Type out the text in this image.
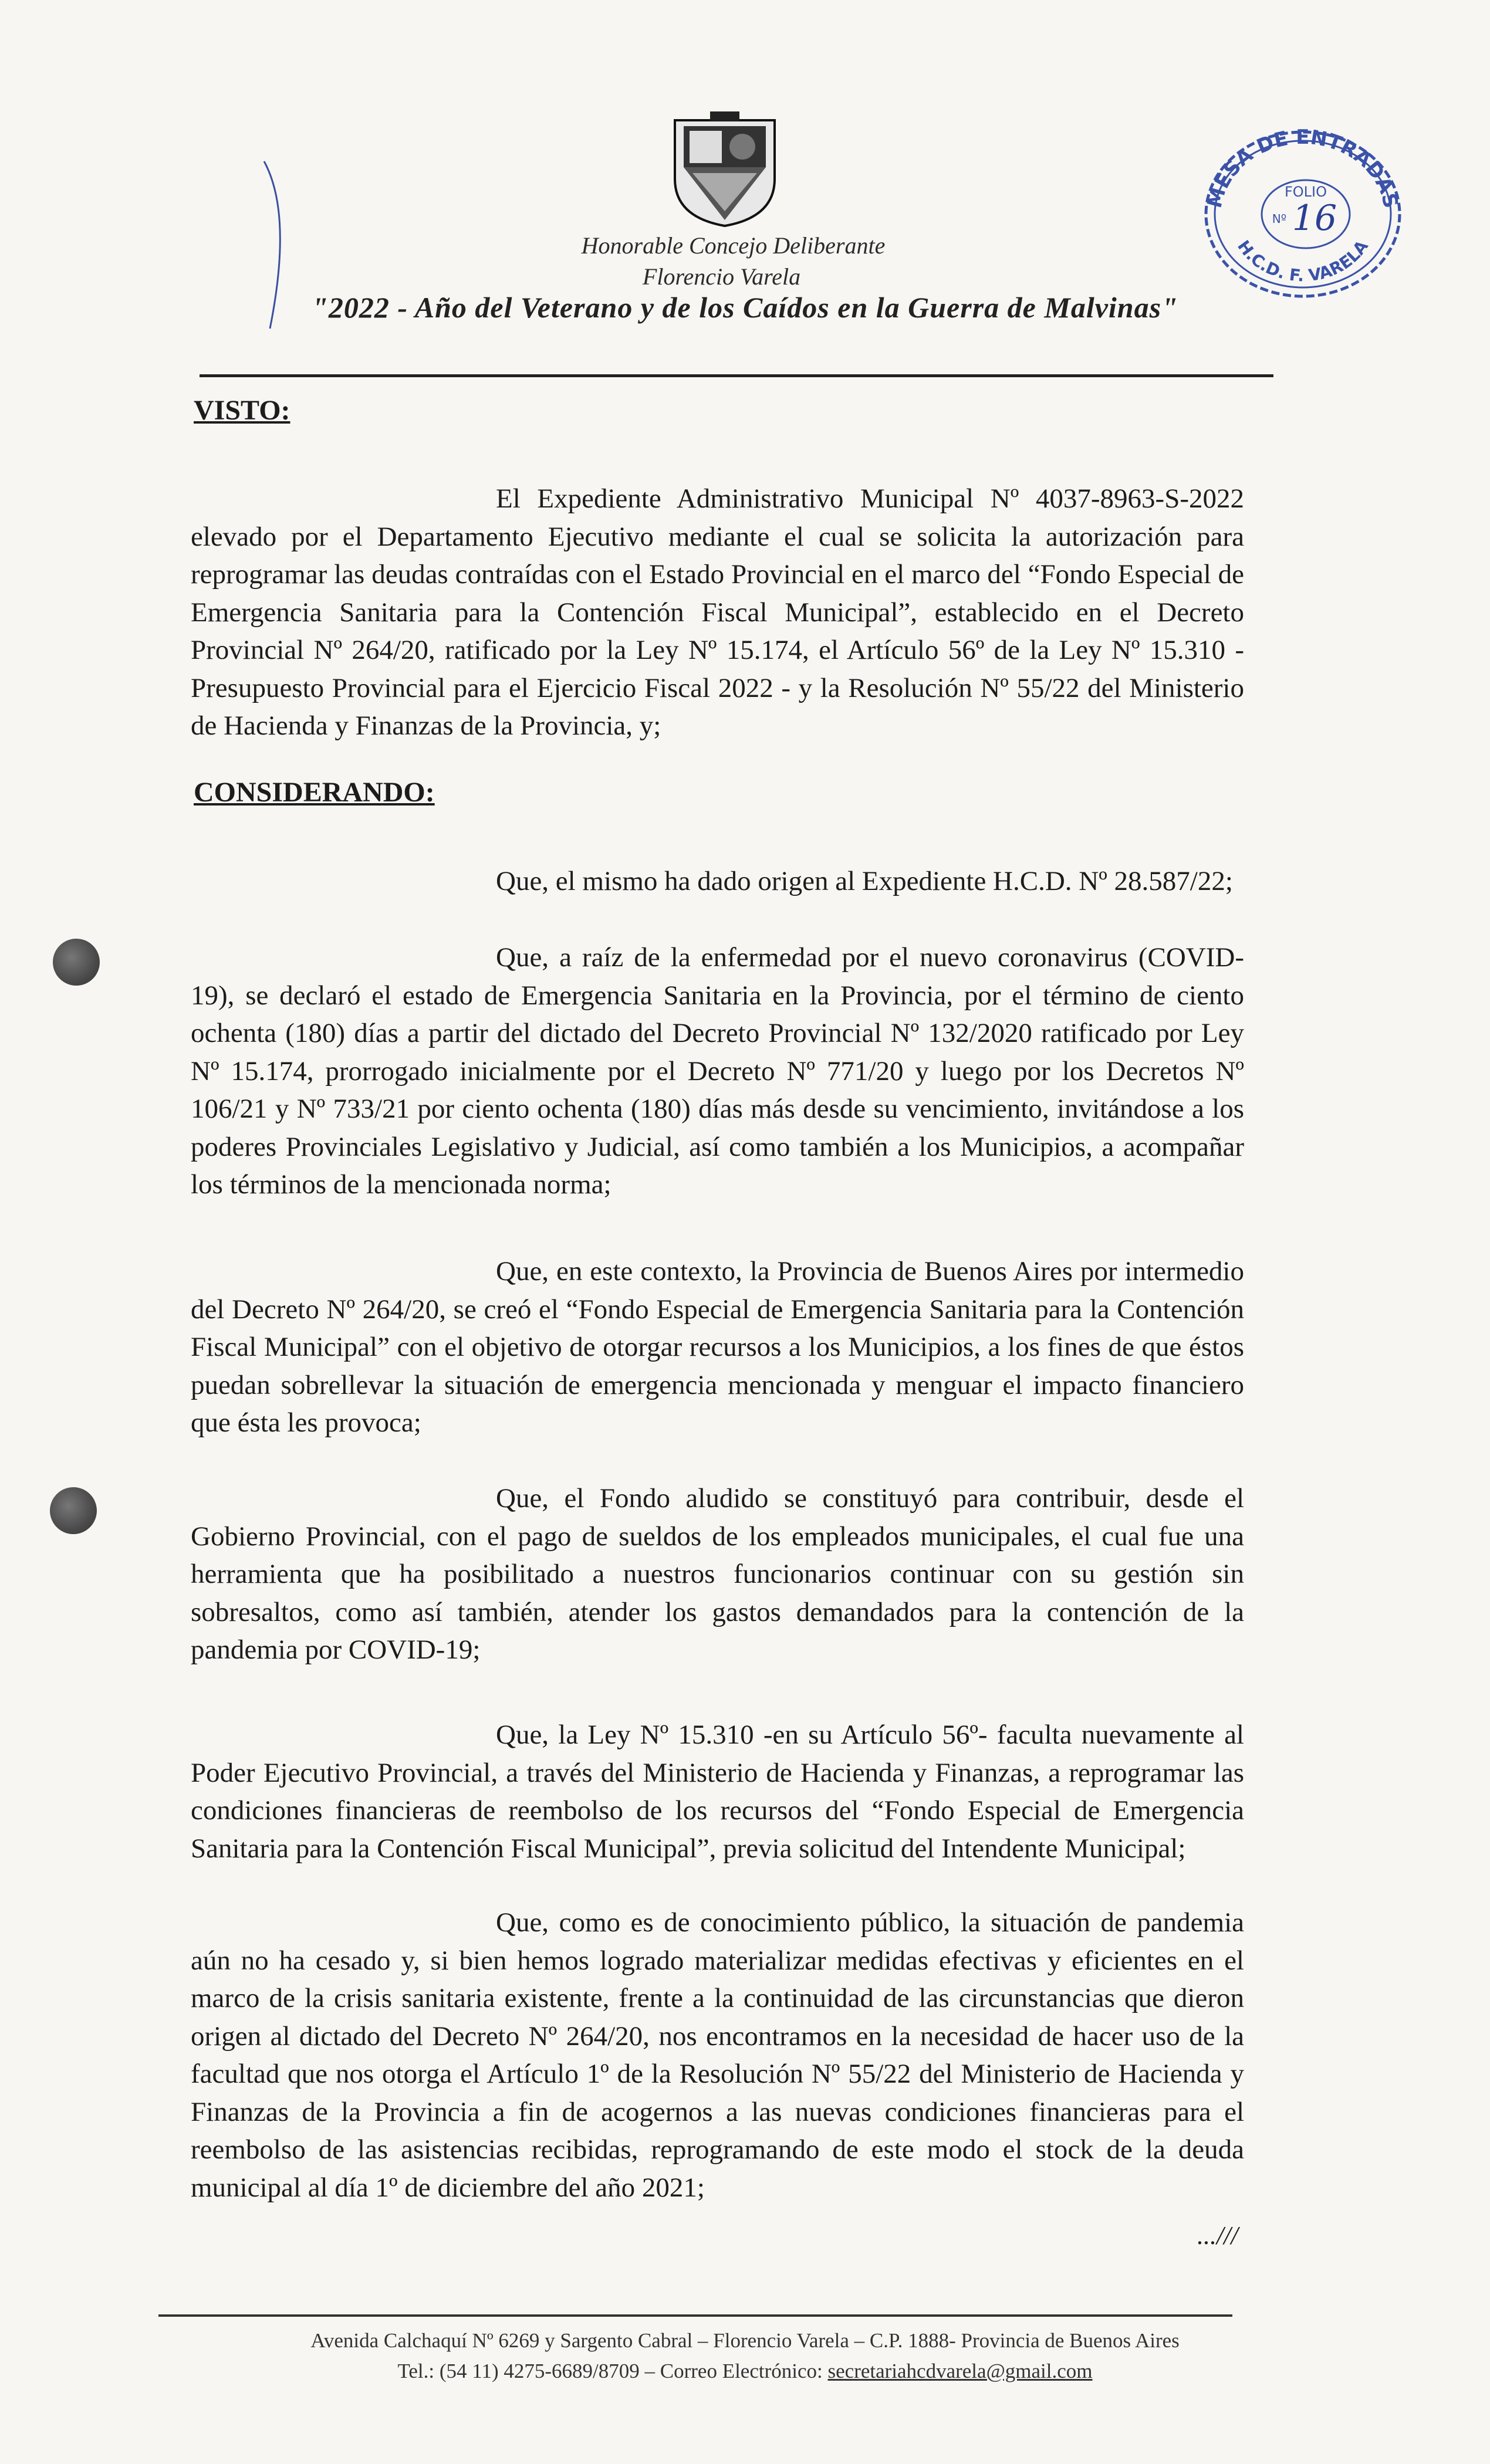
Honorable Concejo Deliberante
Florencio Varela
"2022 - Año del Veterano y de los Caídos en la Guerra de Malvinas"
MESA DE ENTRADAS
H.C.D. F. VARELA
FOLIO
Nº 16
VISTO:
El Expediente Administrativo Municipal Nº 4037-8963-S-2022 elevado por el Departamento Ejecutivo mediante el cual se solicita la autorización para reprogramar las deudas contraídas con el Estado Provincial en el marco del “Fondo Especial de Emergencia Sanitaria para la Contención Fiscal Municipal”, establecido en el Decreto Provincial Nº 264/20, ratificado por la Ley Nº 15.174, el Artículo 56º de la Ley Nº 15.310 - Presupuesto Provincial para el Ejercicio Fiscal 2022 - y la Resolución Nº 55/22 del Ministerio de Hacienda y Finanzas de la Provincia, y;
CONSIDERANDO:
Que, el mismo ha dado origen al Expediente H.C.D. Nº 28.587/22;
Que, a raíz de la enfermedad por el nuevo coronavirus (COVID-19), se declaró el estado de Emergencia Sanitaria en la Provincia, por el término de ciento ochenta (180) días a partir del dictado del Decreto Provincial Nº 132/2020 ratificado por Ley Nº 15.174, prorrogado inicialmente por el Decreto Nº 771/20 y luego por los Decretos Nº 106/21 y Nº 733/21 por ciento ochenta (180) días más desde su vencimiento, invitándose a los poderes Provinciales Legislativo y Judicial, así como también a los Municipios, a acompañar los términos de la mencionada norma;
Que, en este contexto, la Provincia de Buenos Aires por intermedio del Decreto Nº 264/20, se creó el “Fondo Especial de Emergencia Sanitaria para la Contención Fiscal Municipal” con el objetivo de otorgar recursos a los Municipios, a los fines de que éstos puedan sobrellevar la situación de emergencia mencionada y menguar el impacto financiero que ésta les provoca;
Que, el Fondo aludido se constituyó para contribuir, desde el Gobierno Provincial, con el pago de sueldos de los empleados municipales, el cual fue una herramienta que ha posibilitado a nuestros funcionarios continuar con su gestión sin sobresaltos, como así también, atender los gastos demandados para la contención de la pandemia por COVID-19;
Que, la Ley Nº 15.310 -en su Artículo 56º- faculta nuevamente al Poder Ejecutivo Provincial, a través del Ministerio de Hacienda y Finanzas, a reprogramar las condiciones financieras de reembolso de los recursos del “Fondo Especial de Emergencia Sanitaria para la Contención Fiscal Municipal”, previa solicitud del Intendente Municipal;
Que, como es de conocimiento público, la situación de pandemia aún no ha cesado y, si bien hemos logrado materializar medidas efectivas y eficientes en el marco de la crisis sanitaria existente, frente a la continuidad de las circunstancias que dieron origen al dictado del Decreto Nº 264/20, nos encontramos en la necesidad de hacer uso de la facultad que nos otorga el Artículo 1º de la Resolución Nº 55/22 del Ministerio de Hacienda y Finanzas de la Provincia a fin de acogernos a las nuevas condiciones financieras para el reembolso de las asistencias recibidas, reprogramando de este modo el stock de la deuda municipal al día 1º de diciembre del año 2021;
...///
Avenida Calchaquí Nº 6269 y Sargento Cabral – Florencio Varela – C.P. 1888- Provincia de Buenos Aires
Tel.: (54 11) 4275-6689/8709 – Correo Electrónico: secretariahcdvarela@gmail.com
